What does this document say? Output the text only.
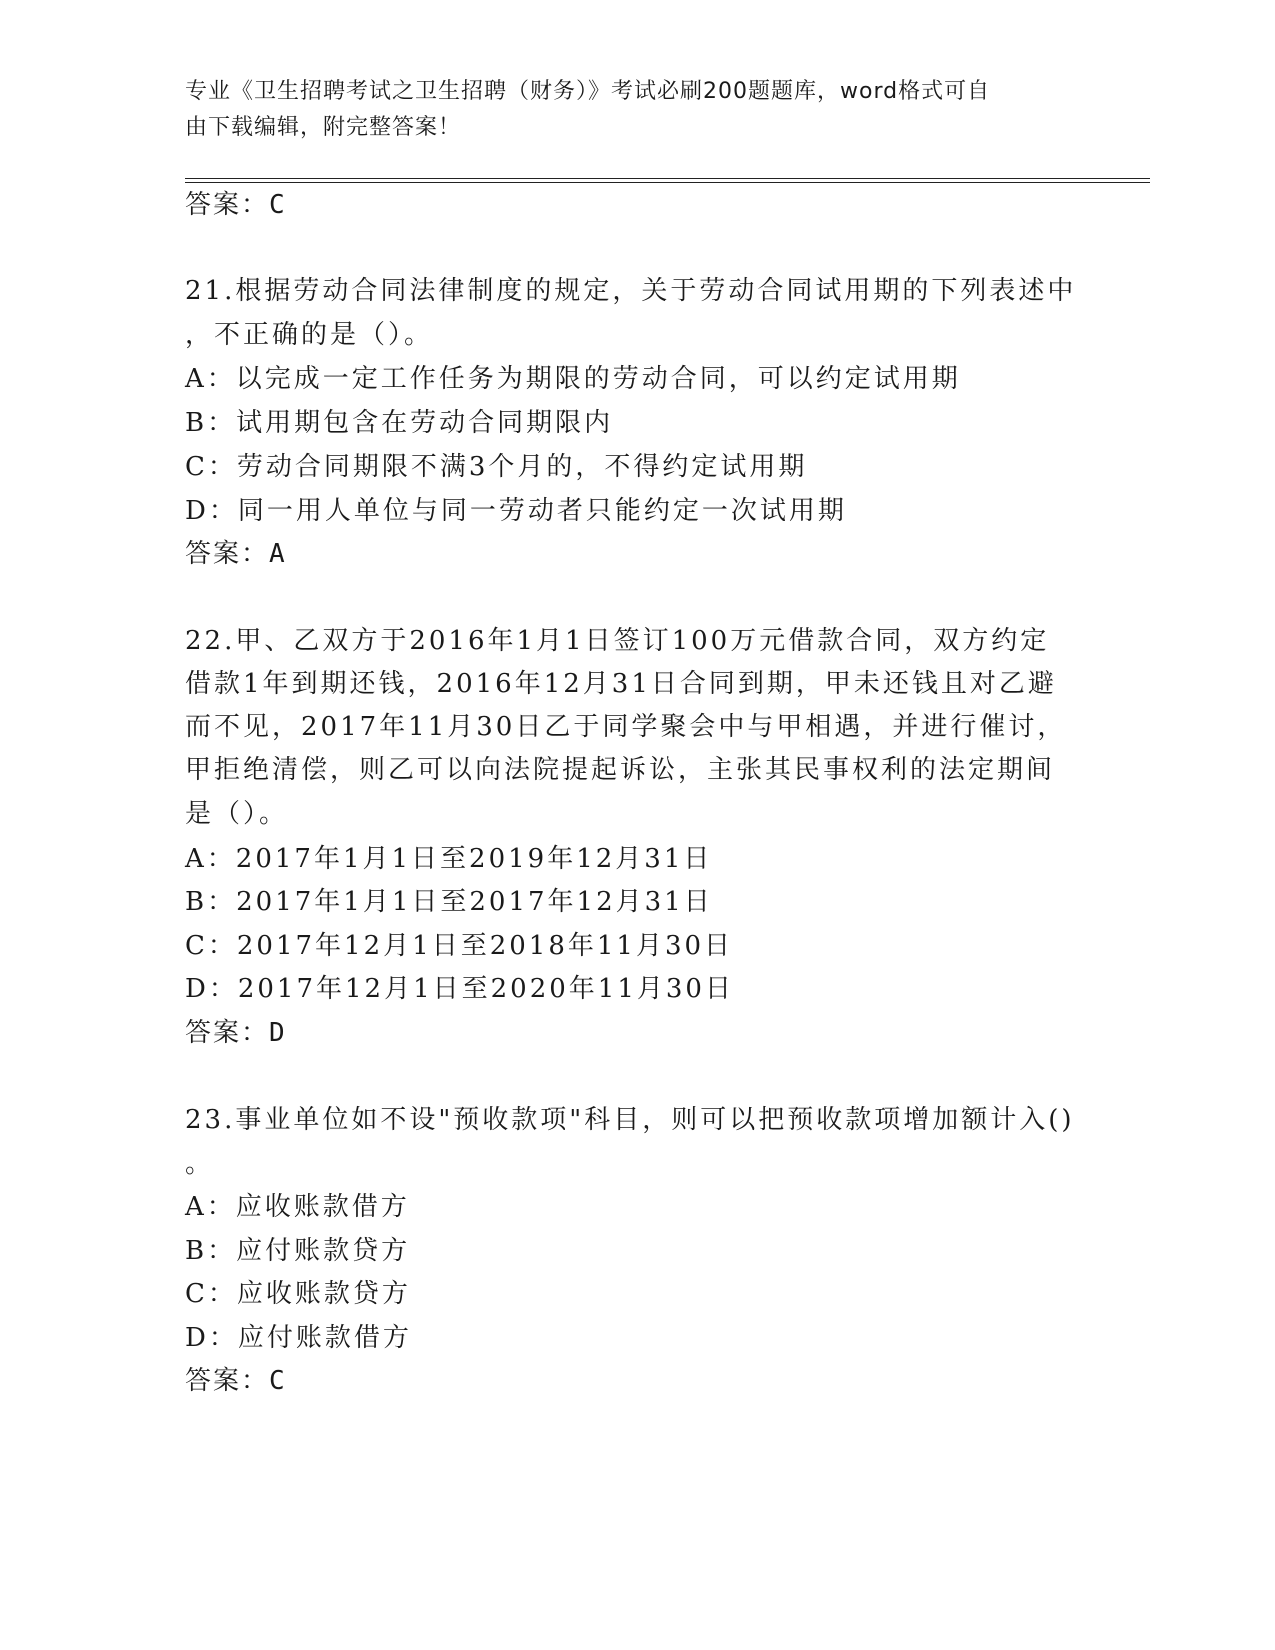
专业《卫生招聘考试之卫生招聘（财务）》考试必刷200题题库，word格式可自
由下载编辑，附完整答案！
答案：C
21.根据劳动合同法律制度的规定，关于劳动合同试用期的下列表述中
，不正确的是（）。
A：以完成一定工作任务为期限的劳动合同，可以约定试用期
B：试用期包含在劳动合同期限内
C：劳动合同期限不满3个月的，不得约定试用期
D：同一用人单位与同一劳动者只能约定一次试用期
答案：A
22.甲、乙双方于2016年1月1日签订100万元借款合同，双方约定
借款1年到期还钱，2016年12月31日合同到期，甲未还钱且对乙避
而不见，2017年11月30日乙于同学聚会中与甲相遇，并进行催讨，
甲拒绝清偿，则乙可以向法院提起诉讼，主张其民事权利的法定期间
是（）。
A：2017年1月1日至2019年12月31日
B：2017年1月1日至2017年12月31日
C：2017年12月1日至2018年11月30日
D：2017年12月1日至2020年11月30日
答案：D
23.事业单位如不设"预收款项"科目，则可以把预收款项增加额计入()
。
A：应收账款借方
B：应付账款贷方
C：应收账款贷方
D：应付账款借方
答案：C
